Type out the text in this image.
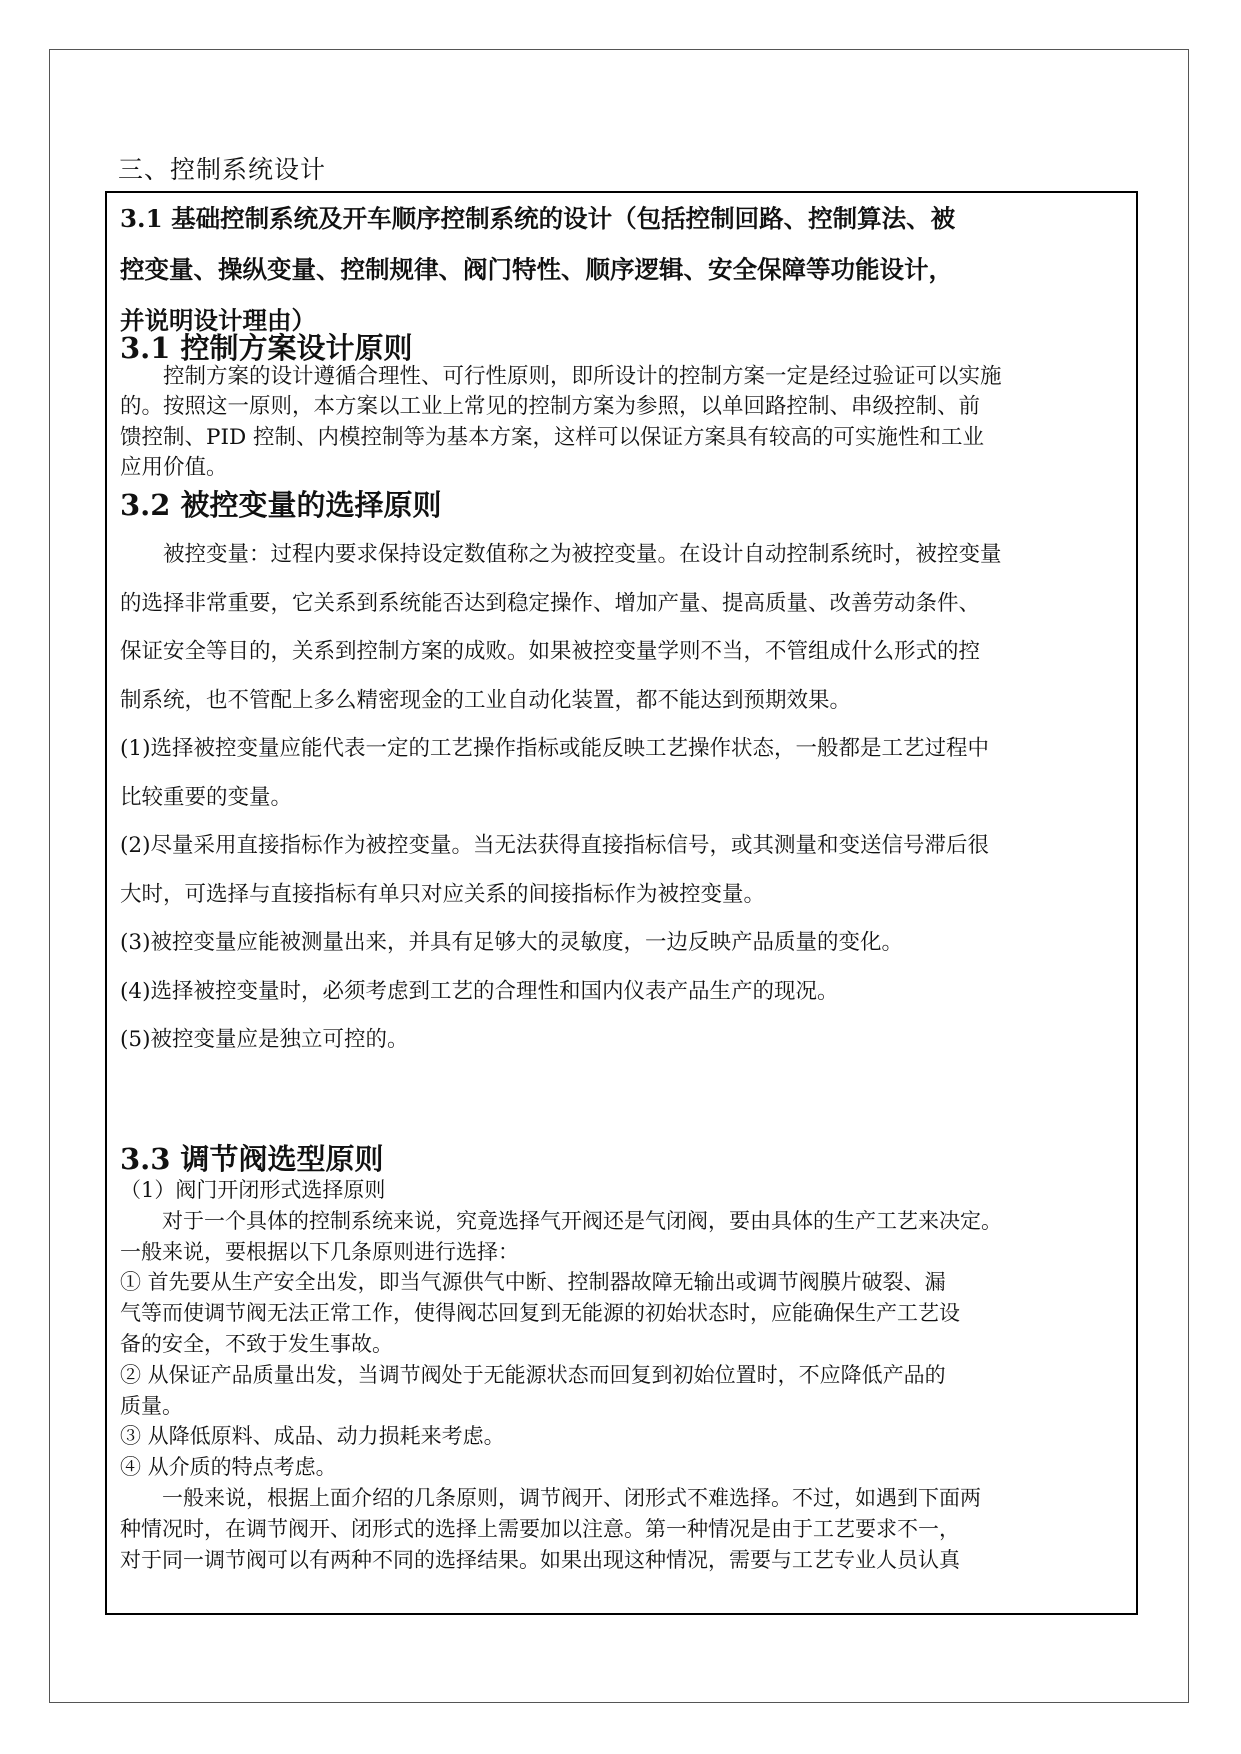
三、控制系统设计
3.1 基础控制系统及开车顺序控制系统的设计（包括控制回路、控制算法、被
控变量、操纵变量、控制规律、阀门特性、顺序逻辑、安全保障等功能设计，
并说明设计理由）
3.1 控制方案设计原则
　　控制方案的设计遵循合理性、可行性原则，即所设计的控制方案一定是经过验证可以实施
的。按照这一原则，本方案以工业上常见的控制方案为参照，以单回路控制、串级控制、前
馈控制、PID 控制、内模控制等为基本方案，这样可以保证方案具有较高的可实施性和工业
应用价值。
3.2 被控变量的选择原则
　　被控变量：过程内要求保持设定数值称之为被控变量。在设计自动控制系统时，被控变量
的选择非常重要，它关系到系统能否达到稳定操作、增加产量、提高质量、改善劳动条件、
保证安全等目的，关系到控制方案的成败。如果被控变量学则不当，不管组成什么形式的控
制系统，也不管配上多么精密现金的工业自动化装置，都不能达到预期效果。
(1)选择被控变量应能代表一定的工艺操作指标或能反映工艺操作状态，一般都是工艺过程中
比较重要的变量。
(2)尽量采用直接指标作为被控变量。当无法获得直接指标信号，或其测量和变送信号滞后很
大时，可选择与直接指标有单只对应关系的间接指标作为被控变量。
(3)被控变量应能被测量出来，并具有足够大的灵敏度，一边反映产品质量的变化。
(4)选择被控变量时，必须考虑到工艺的合理性和国内仪表产品生产的现况。
(5)被控变量应是独立可控的。
3.3 调节阀选型原则
（1）阀门开闭形式选择原则
　　对于一个具体的控制系统来说，究竟选择气开阀还是气闭阀，要由具体的生产工艺来决定。
一般来说，要根据以下几条原则进行选择：
① 首先要从生产安全出发，即当气源供气中断、控制器故障无输出或调节阀膜片破裂、漏
气等而使调节阀无法正常工作，使得阀芯回复到无能源的初始状态时，应能确保生产工艺设
备的安全，不致于发生事故。
② 从保证产品质量出发，当调节阀处于无能源状态而回复到初始位置时，不应降低产品的
质量。
③ 从降低原料、成品、动力损耗来考虑。
④ 从介质的特点考虑。
　　一般来说，根据上面介绍的几条原则，调节阀开、闭形式不难选择。不过，如遇到下面两
种情况时，在调节阀开、闭形式的选择上需要加以注意。第一种情况是由于工艺要求不一，
对于同一调节阀可以有两种不同的选择结果。如果出现这种情况，需要与工艺专业人员认真
